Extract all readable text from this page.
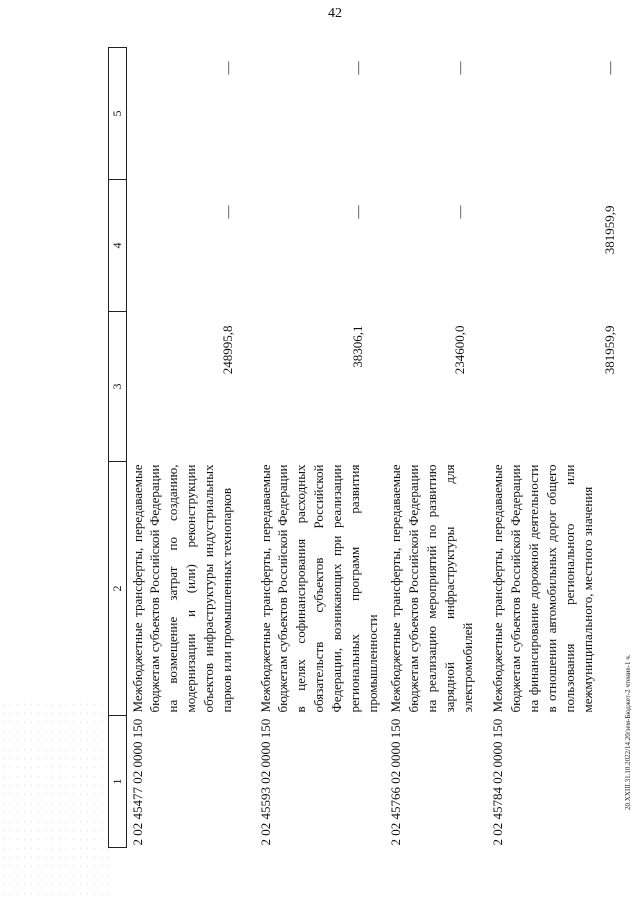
42
20.XXIII.31.10.2022/14.20/зем-Бюджет-2 чтение-1 ч.
1	2	3	4	5
2 02 45477 02 0000 150	Межбюджетные трансферты, передаваемые бюджетам субъектов Российской Федерации на возмещение затрат по созданию, модернизации и (или) реконструкции объектов инфраструктуры индустриальных парков или промышленных технопарков	248995,8	—	—
2 02 45593 02 0000 150	Межбюджетные трансферты, передаваемые бюджетам субъектов Российской Федерации в целях софинансирования расходных обязательств субъектов Российской Федерации, возникающих при реализации региональных программ развития промышленности	38306,1	—	—
2 02 45766 02 0000 150	Межбюджетные трансферты, передаваемые бюджетам субъектов Российской Федерации на реализацию мероприятий по развитию зарядной инфраструктуры для электромобилей	234600,0	—	—
2 02 45784 02 0000 150	Межбюджетные трансферты, передаваемые бюджетам субъектов Российской Федерации на финансирование дорожной деятельности в отношении автомобильных дорог общего пользования регионального или межмуниципального, местного значения	381959,9	381959,9	—
